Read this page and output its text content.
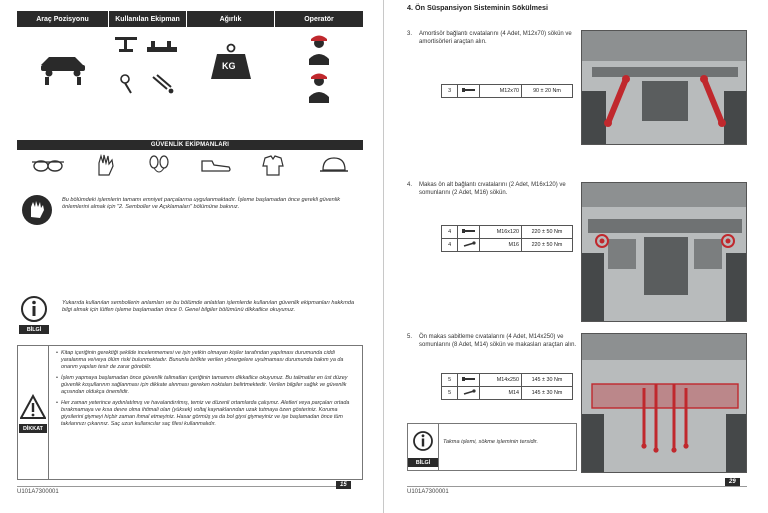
Araç Pozisyonu	Kullanılan Ekipman	Ağırlık	Operatör
KG
GÜVENLİK EKİPMANLARI
Bu bölümdeki işlemlerin tamamı emniyet parçalarına uygulanmaktadır. İşleme başlamadan önce gerekli güvenlik önlemlerini almak için "2. Semboller ve Açıklamaları" bölümüne bakınız.
BİLGİ
Yukarıda kullanılan sembollerin anlamları ve bu bölümde anlatılan işlemlerde kullanılan güvenlik ekipmanları hakkında bilgi almak için lütfen işleme başlamadan önce 0. Genel bilgiler bölümünü dikkatlice okuyunuz.
DİKKAT
• Kitap içeriğinin gerektiği şekilde incelenmemesi ve işin yetkin olmayan kişiler tarafından yapılması durumunda ciddi yaralanma ve/veya ölüm riski bulunmaktadır. Bununla birlikte verilen yönergelere uyulmaması durumunda bakım ya da onarım yapılan tesir de zarar görebilir.
• İşlem yapmaya başlamadan önce güvenlik talimatları içeriğinin tamamını dikkatlice okuyunuz. Bu talimatlar en üst düzey güvenlik koşullarının sağlanması için dikkate alınması gereken noktaları belirtmektedir. Verilen bilgiler sağlık ve güvenlik açısından oldukça önemlidir.
• Her zaman yeterince aydınlatılmış ve havalandırılmış, temiz ve düzenli ortamlarda çalışınız. Aletleri veya parçaları ortada bırakmamaya ve kısa devre olma ihtimali olan (yüksek) voltaj kaynaklarından uzak tutmaya özen gösteriniz. Koruma giysilerini giymeyi hiçbir zaman ihmal etmeyiniz. Hasar görmüş ya da bol giysi giymeyiniz ve işe başlamadan önce tüm takılarınızı çıkarınız. Saç uzun kullanıcılar saç filesi kullanmalıdır.
U101A7300001
15
4. Ön Süspansiyon Sisteminin Sökülmesi
3.	Amortisör bağlantı cıvatalarını (4 Adet, M12x70) sökün ve amortisörleri araçtan alın.
3		M12x70	90 ± 20 Nm
4.	Makas ön alt bağlantı cıvatalarını (2 Adet, M16x120) ve somunlarını (2 Adet, M16) sökün.
4		M16x120	220 ± 50 Nm
4		M16	220 ± 50 Nm
5.	Ön makas sabitleme cıvatalarını (4 Adet, M14x250) ve somunlarını (8 Adet, M14) sökün ve makasları araçtan alın.
5		M14x250	145 ± 30 Nm
5		M14	145 ± 30 Nm
BİLGİ
Takma işlemi, sökme işleminin tersidir.
U101A7300001
29
